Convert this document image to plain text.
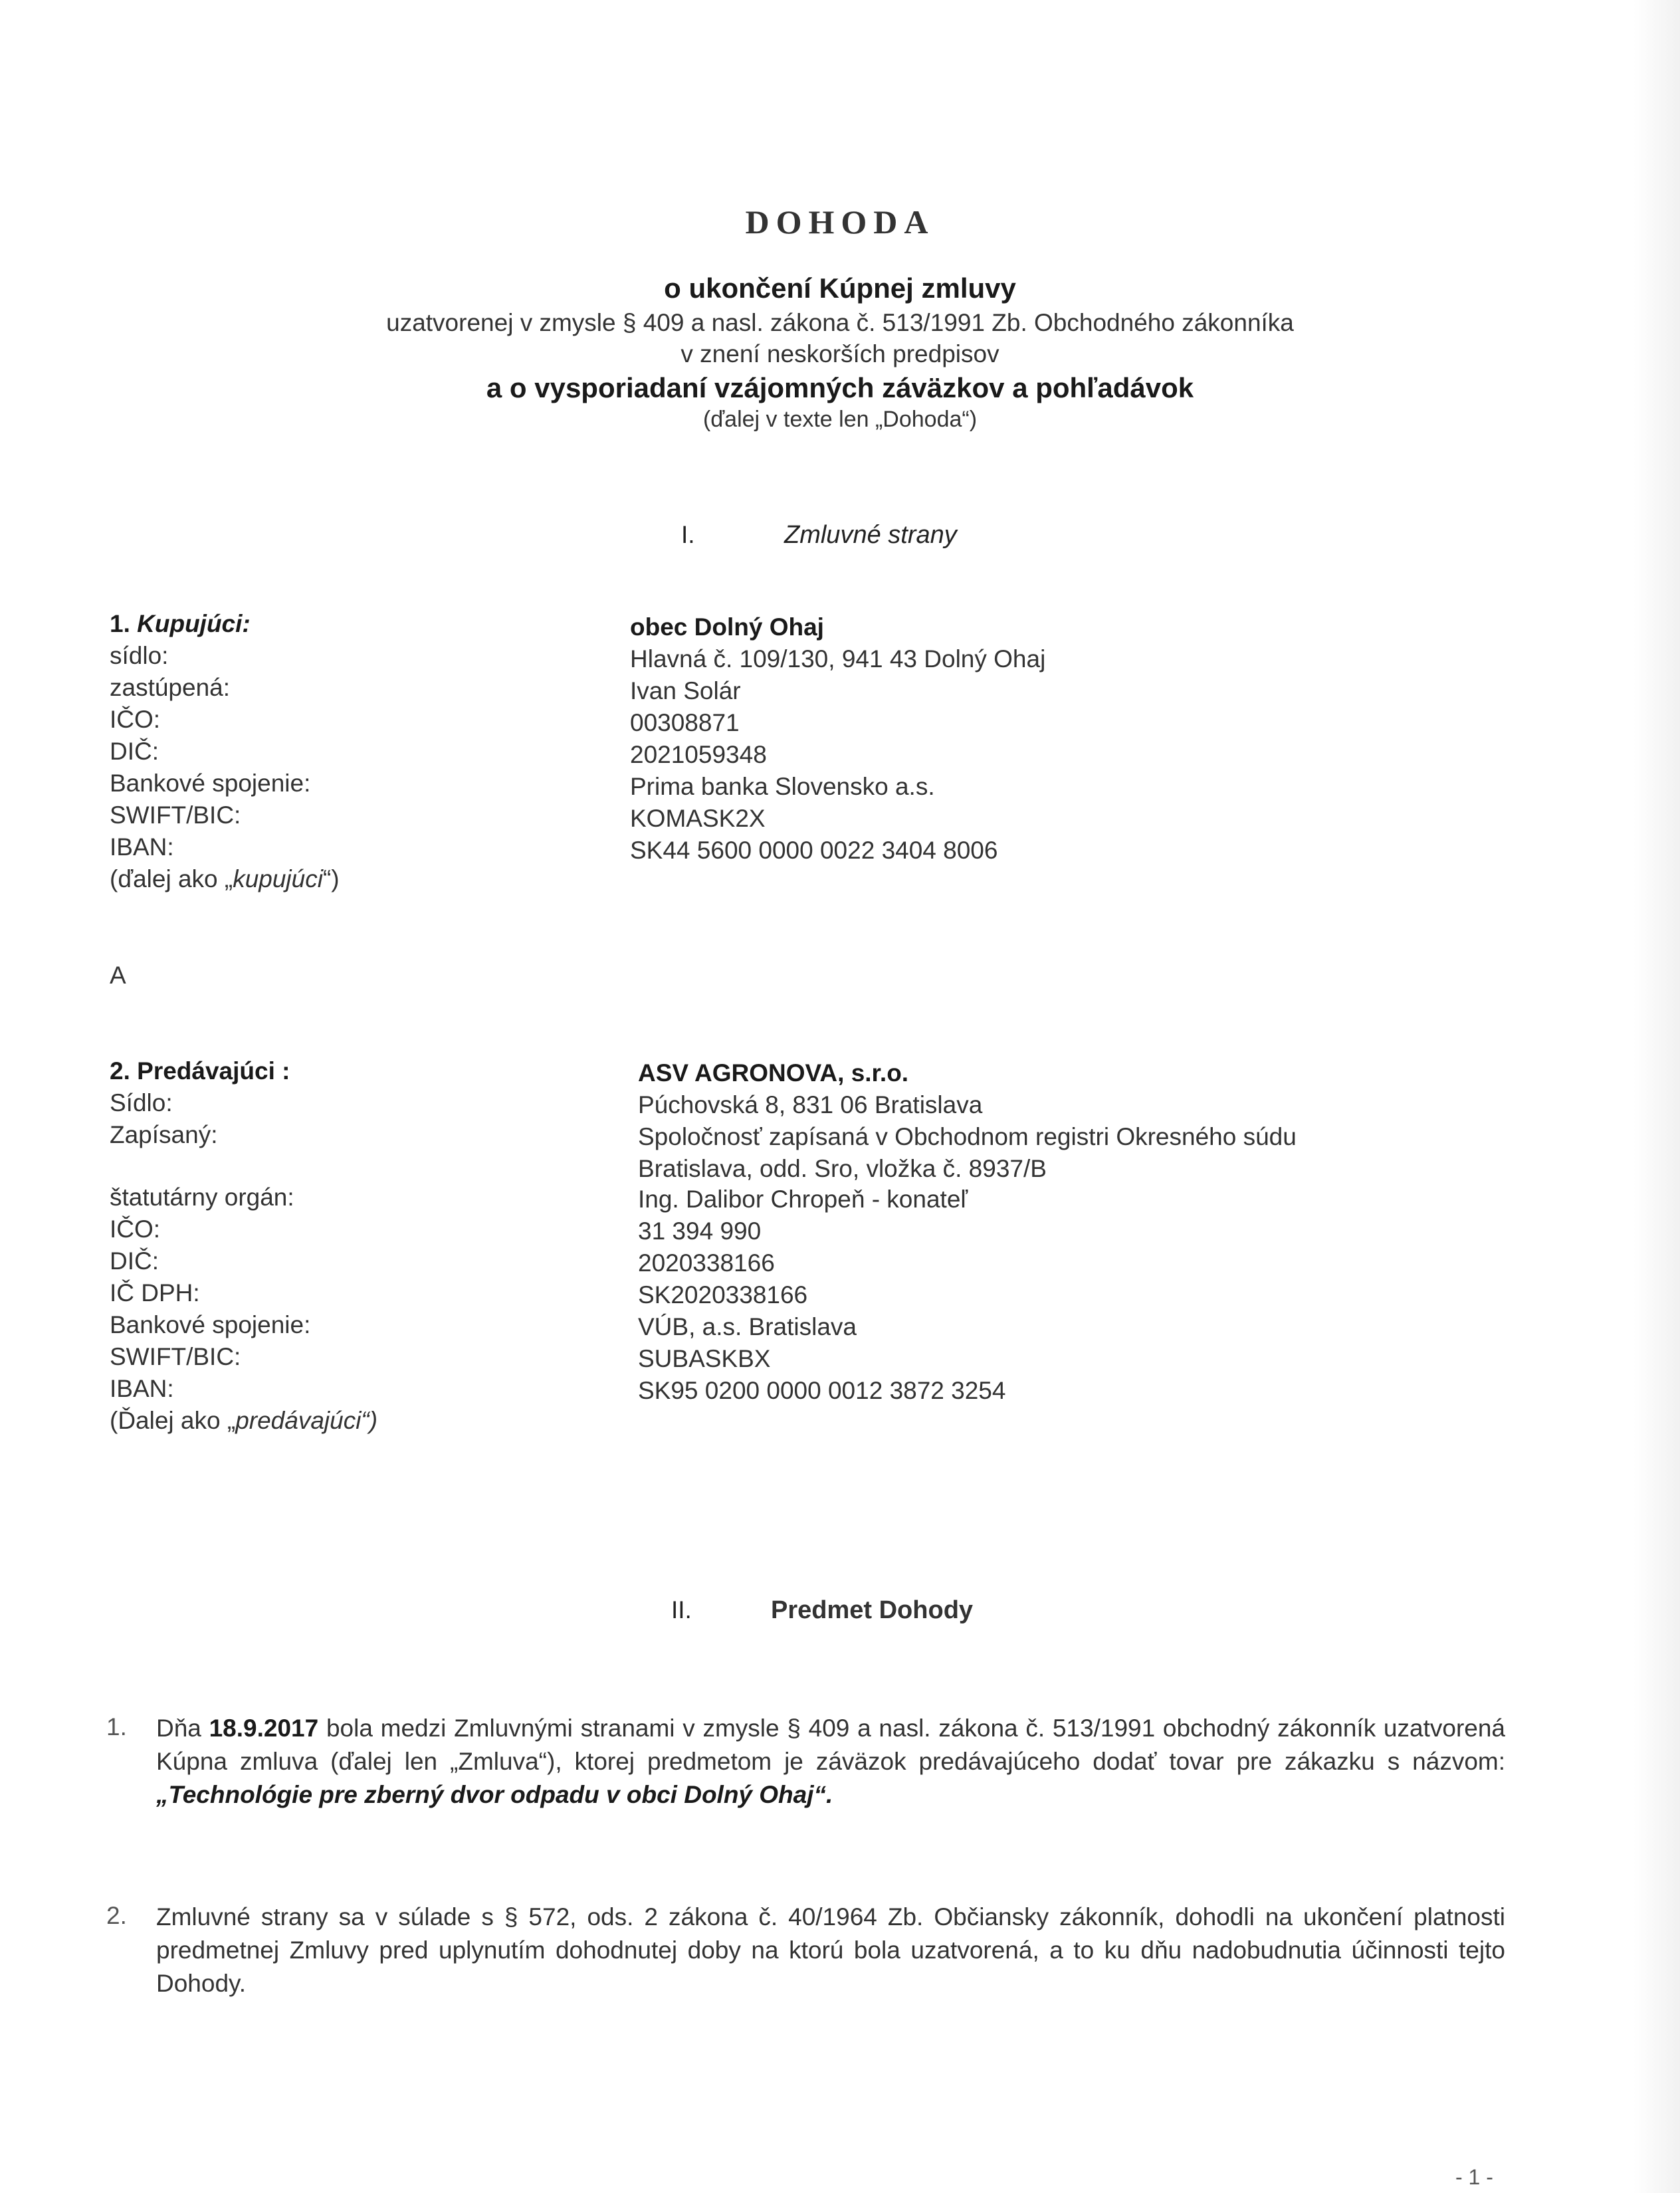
DOHODA
o ukončení Kúpnej zmluvy
uzatvorenej v zmysle § 409 a nasl. zákona č. 513/1991 Zb. Obchodného zákonníka
v znení neskorších predpisov
a o vysporiadaní vzájomných záväzkov a pohľadávok
(ďalej v texte len „Dohoda“)
I.	Zmluvné strany
1. Kupujúci:
sídlo:
zastúpená:
IČO:
DIČ:
Bankové spojenie:
SWIFT/BIC:
IBAN:
(ďalej ako „kupujúci“)
obec Dolný Ohaj
Hlavná č. 109/130, 941 43 Dolný Ohaj
Ivan Solár
00308871
2021059348
Prima banka Slovensko a.s.
KOMASK2X
SK44 5600 0000 0022 3404 8006
A
2. Predávajúci :
Sídlo:
Zapísaný:
štatutárny orgán:
IČO:
DIČ:
IČ DPH:
Bankové spojenie:
SWIFT/BIC:
IBAN:
(Ďalej ako „predávajúci“)
ASV AGRONOVA, s.r.o.
Púchovská 8, 831 06 Bratislava
Spoločnosť zapísaná v Obchodnom registri Okresného súdu
Bratislava, odd. Sro, vložka č. 8937/B
Ing. Dalibor Chropeň - konateľ
31 394 990
2020338166
SK2020338166
VÚB, a.s. Bratislava
SUBASKBX
SK95 0200 0000 0012 3872 3254
II.	Predmet Dohody
1. Dňa 18.9.2017 bola medzi Zmluvnými stranami v zmysle § 409 a nasl. zákona č. 513/1991 obchodný zákonník uzatvorená Kúpna zmluva (ďalej len „Zmluva“), ktorej predmetom je záväzok predávajúceho dodať tovar pre zákazku s názvom: „Technológie pre zberný dvor odpadu v obci Dolný Ohaj“.
2. Zmluvné strany sa v súlade s § 572, ods. 2 zákona č. 40/1964 Zb. Občiansky zákonník, dohodli na ukončení platnosti predmetnej Zmluvy pred uplynutím dohodnutej doby na ktorú bola uzatvorená, a to ku dňu nadobudnutia účinnosti tejto Dohody.
- 1 -
